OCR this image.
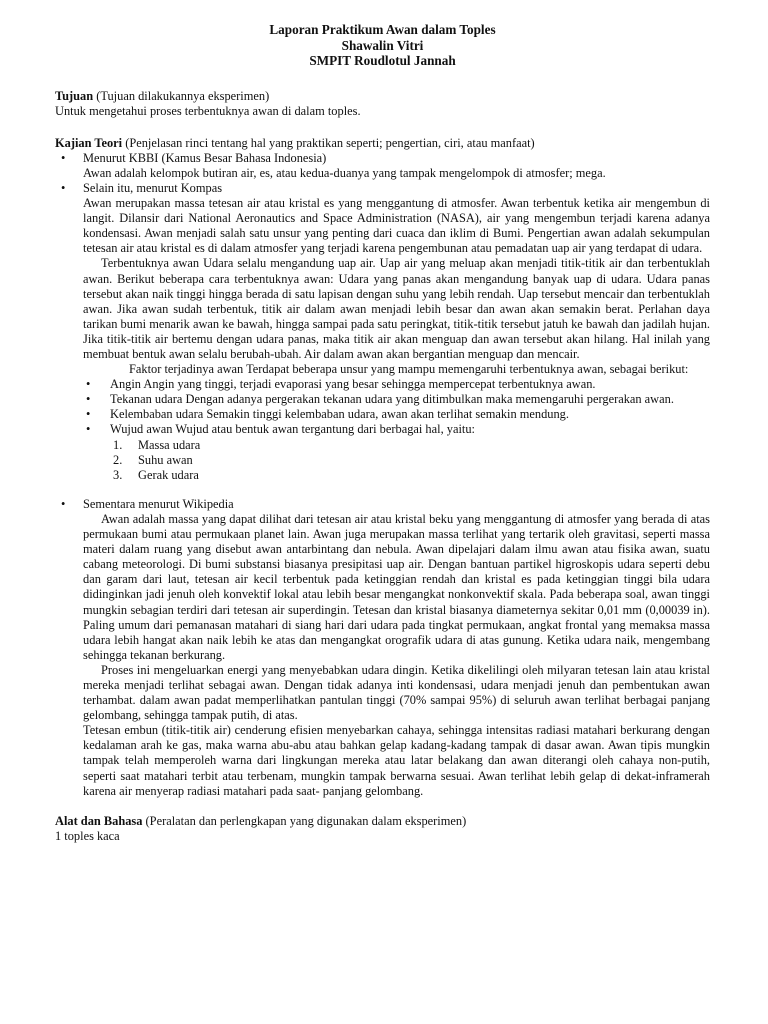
Laporan Praktikum Awan dalam Toples
Shawalin Vitri
SMPIT Roudlotul Jannah
Tujuan (Tujuan dilakukannya eksperimen)

Untuk mengetahui proses terbentuknya awan di dalam toples.

Kajian Teori (Penjelasan rinci tentang hal yang praktikan seperti; pengertian, ciri, atau manfaat)
• Menurut KBBI (Kamus Besar Bahasa Indonesia)

Awan adalah kelompok butiran air, es, atau kedua-duanya yang tampak mengelompok di atmosfer; mega.

• Selain itu, menurut Kompas

Awan merupakan massa tetesan air atau kristal es yang menggantung di atmosfer. Awan terbentuk ketika air mengembun di langit. Dilansir dari National Aeronautics and Space Administration (NASA), air yang mengembun terjadi karena adanya kondensasi. Awan menjadi salah satu unsur yang penting dari cuaca dan iklim di Bumi. Pengertian awan adalah sekumpulan tetesan air atau kristal es di dalam atmosfer yang terjadi karena pengembunan atau pemadatan uap air yang terdapat di udara.

Terbentuknya awan Udara selalu mengandung uap air. Uap air yang meluap akan menjadi titik-titik air dan terbentuklah awan. Berikut beberapa cara terbentuknya awan: Udara yang panas akan mengandung banyak uap di udara. Udara panas tersebut akan naik tinggi hingga berada di satu lapisan dengan suhu yang lebih rendah. Uap tersebut mencair dan terbentuklah awan. Jika awan sudah terbentuk, titik air dalam awan menjadi lebih besar dan awan akan semakin berat. Perlahan daya tarikan bumi menarik awan ke bawah, hingga sampai pada satu peringkat, titik-titik tersebut jatuh ke bawah dan jadilah hujan. Jika titik-titik air bertemu dengan udara panas, maka titik air akan menguap dan awan tersebut akan hilang. Hal inilah yang membuat bentuk awan selalu berubah-ubah. Air dalam awan akan bergantian menguap dan mencair.

Faktor terjadinya awan Terdapat beberapa unsur yang mampu memengaruhi terbentuknya awan, sebagai berikut:

• Angin Angin yang tinggi, terjadi evaporasi yang besar sehingga mempercepat terbentuknya awan.

• Tekanan udara Dengan adanya pergerakan tekanan udara yang ditimbulkan maka memengaruhi pergerakan awan.

• Kelembaban udara Semakin tinggi kelembaban udara, awan akan terlihat semakin mendung.

• Wujud awan Wujud atau bentuk awan tergantung dari berbagai hal, yaitu:

1. Massa udara
2. Suhu awan
3. Gerak udara
• Sementara menurut Wikipedia

Awan adalah massa yang dapat dilihat dari tetesan air atau kristal beku yang menggantung di atmosfer yang berada di atas permukaan bumi atau permukaan planet lain. Awan juga merupakan massa terlihat yang tertarik oleh gravitasi, seperti massa materi dalam ruang yang disebut awan antarbintang dan nebula. Awan dipelajari dalam ilmu awan atau fisika awan, suatu cabang meteorologi. Di bumi substansi biasanya presipitasi uap air. Dengan bantuan partikel higroskopis udara seperti debu dan garam dari laut, tetesan air kecil terbentuk pada ketinggian rendah dan kristal es pada ketinggian tinggi bila udara didinginkan jadi jenuh oleh konvektif lokal atau lebih besar mengangkat nonkonvektif skala. Pada beberapa soal, awan tinggi mungkin sebagian terdiri dari tetesan air superdingin. Tetesan dan kristal biasanya diameternya sekitar 0,01 mm (0,00039 in). Paling umum dari pemanasan matahari di siang hari dari udara pada tingkat permukaan, angkat frontal yang memaksa massa udara lebih hangat akan naik lebih ke atas dan mengangkat orografik udara di atas gunung. Ketika udara naik, mengembang sehingga tekanan berkurang.

Proses ini mengeluarkan energi yang menyebabkan udara dingin. Ketika dikelilingi oleh milyaran tetesan lain atau kristal mereka menjadi terlihat sebagai awan. Dengan tidak adanya inti kondensasi, udara menjadi jenuh dan pembentukan awan terhambat. dalam awan padat memperlihatkan pantulan tinggi (70% sampai 95%) di seluruh awan terlihat berbagai panjang gelombang, sehingga tampak putih, di atas.

Tetesan embun (titik-titik air) cenderung efisien menyebarkan cahaya, sehingga intensitas radiasi matahari berkurang dengan kedalaman arah ke gas, maka warna abu-abu atau bahkan gelap kadang-kadang tampak di dasar awan. Awan tipis mungkin tampak telah memperoleh warna dari lingkungan mereka atau latar belakang dan awan diterangi oleh cahaya non-putih, seperti saat matahari terbit atau terbenam, mungkin tampak berwarna sesuai. Awan terlihat lebih gelap di dekat-inframerah karena air menyerap radiasi matahari pada saat- panjang gelombang.

Alat dan Bahasa (Peralatan dan perlengkapan yang digunakan dalam eksperimen)

1 toples kaca
